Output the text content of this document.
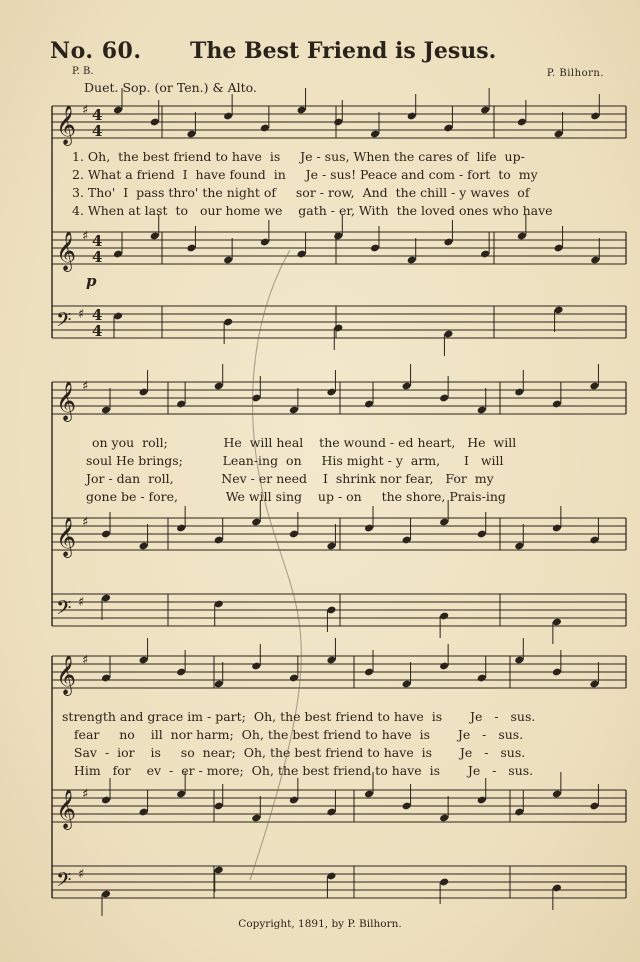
No. 60. The Best Friend is Jesus.
P. B.	P. Bilhorn.
Duet. Sop. (or Ten.) & Alto.
𝄞 ♯ 4
4
𝄞 ♯ 4
4
𝄢 ♯ 4
4
𝄞 ♯
𝄞 ♯
𝄢 ♯
𝄞 ♯
𝄞 ♯
𝄢 ♯
p
1. Oh,  the best friend to have  is     Je - sus, When the cares of  life  up-
2. What a friend  I  have found  in     Je - sus! Peace and com - fort  to  my
3. Tho'  I  pass thro' the night of     sor - row,  And  the chill - y waves  of
4. When at last  to   our home we    gath - er, With  the loved ones who have
on you  roll;              He  will heal    the wound - ed heart,   He  will
soul He brings;          Lean-ing  on     His might - y  arm,      I   will
Jor - dan  roll,            Nev - er need    I  shrink nor fear,   For  my
gone be - fore,            We will sing    up - on     the shore, Prais-ing
strength and grace im - part;  Oh, the best friend to have  is       Je   -   sus.
fear     no    ill  nor harm;  Oh, the best friend to have  is       Je   -   sus.
Sav  -  ior    is     so  near;  Oh, the best friend to have  is       Je   -   sus.
Him   for    ev  -  er - more;  Oh, the best friend to have  is       Je   -   sus.
Copyright, 1891, by P. Bilhorn.
